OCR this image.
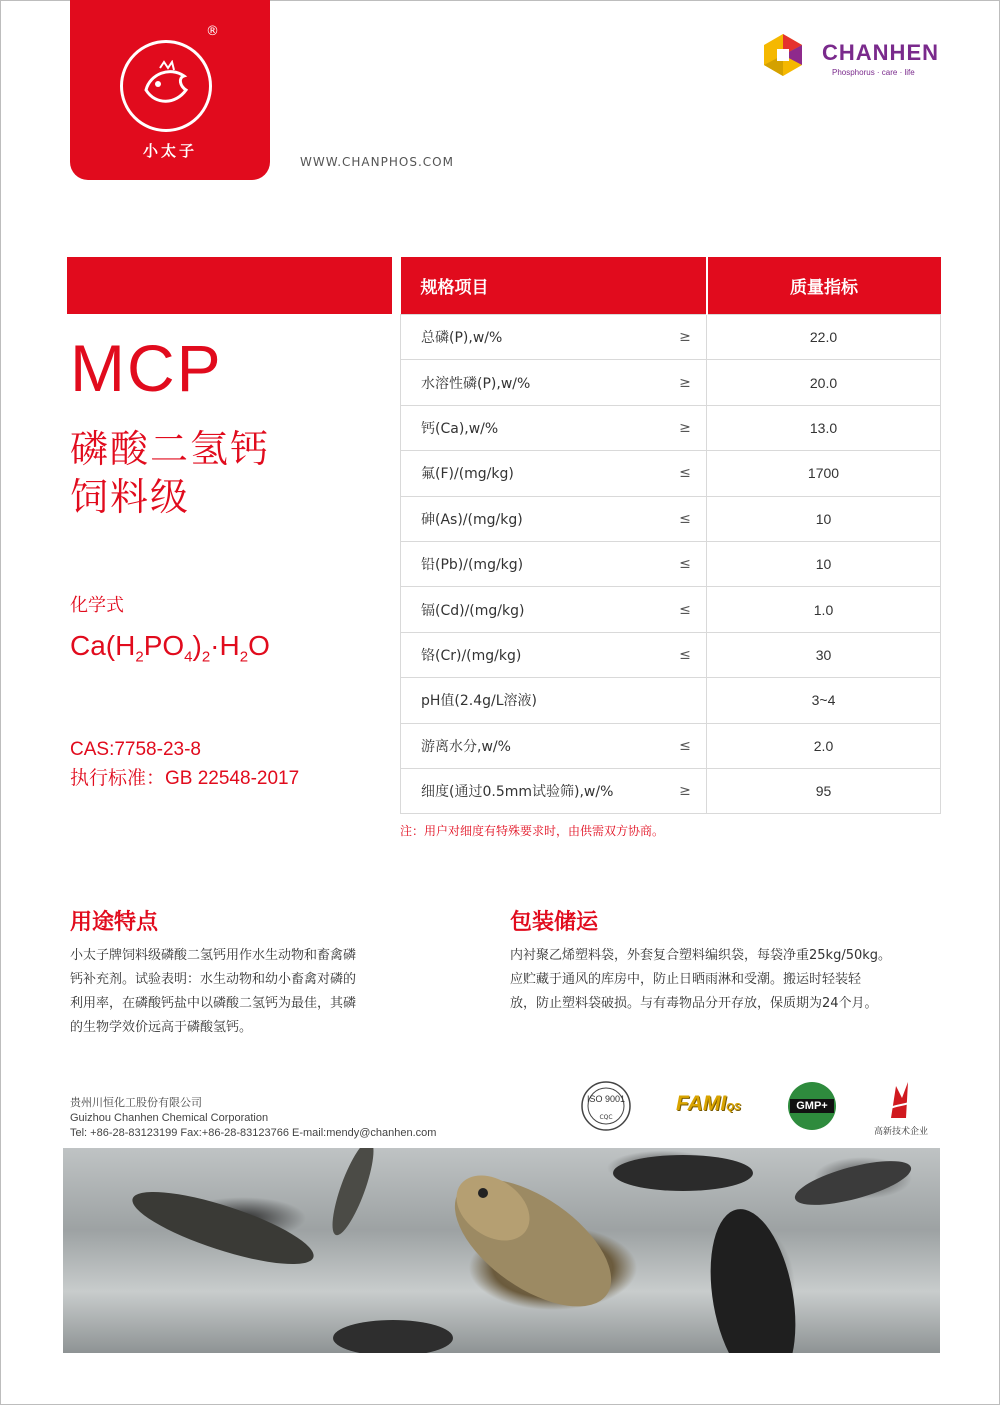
®
小太子
WWW.CHANPHOS.COM
CHANHEN
Phosphorus · care · life
MCP
磷酸二氢钙
饲料级
化学式
$Ca(H_2PO_4)_2\cdot H_2O$
CAS:7758-23-8
执行标准：GB 22548-2017
规格项目		质量指标
总磷(P),w/%	≥	22.0
水溶性磷(P),w/%	≥	20.0
钙(Ca),w/%	≥	13.0
氟(F)/(mg/kg)	≤	1700
砷(As)/(mg/kg)	≤	10
铅(Pb)/(mg/kg)	≤	10
镉(Cd)/(mg/kg)	≤	1.0
铬(Cr)/(mg/kg)	≤	30
pH值(2.4g/L溶液)		3~4
游离水分,w/%	≤	2.0
细度(通过0.5mm试验筛),w/%	≥	95
注：用户对细度有特殊要求时，由供需双方协商。
用途特点
小太子牌饲料级磷酸二氢钙用作水生动物和畜禽磷
钙补充剂。试验表明：水生动物和幼小畜禽对磷的
利用率，在磷酸钙盐中以磷酸二氢钙为最佳，其磷
的生物学效价远高于磷酸氢钙。
包装储运
内衬聚乙烯塑料袋，外套复合塑料编织袋，每袋净重25kg/50kg。
应贮藏于通风的库房中，防止日晒雨淋和受潮。搬运时轻装轻
放，防止塑料袋破损。与有毒物品分开存放，保质期为24个月。
贵州川恒化工股份有限公司
Guizhou Chanhen Chemical Corporation
Tel: +86-28-83123199 Fax:+86-28-83123766 E-mail:mendy@chanhen.com
ISO 9001
CQC
FAMIQS	GMP+
高新技术企业
